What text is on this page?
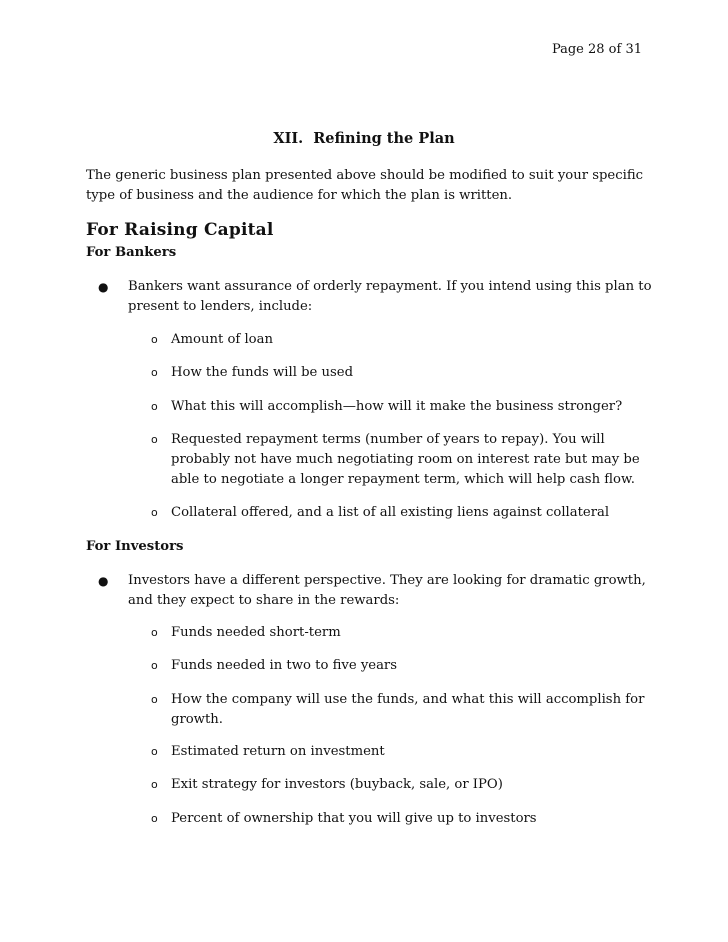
Page 28 of 31
XII. Refining the Plan
The generic business plan presented above should be modified to suit your specific type of business and the audience for which the plan is written.
For Raising Capital
For Bankers
● Bankers want assurance of orderly repayment. If you intend using this plan to present to lenders, include:
o Amount of loan
o How the funds will be used
o What this will accomplish—how will it make the business stronger?
o Requested repayment terms (number of years to repay). You will probably not have much negotiating room on interest rate but may be able to negotiate a longer repayment term, which will help cash flow.
o Collateral offered, and a list of all existing liens against collateral
For Investors
● Investors have a different perspective. They are looking for dramatic growth, and they expect to share in the rewards:
o Funds needed short-term
o Funds needed in two to five years
o How the company will use the funds, and what this will accomplish for growth.
o Estimated return on investment
o Exit strategy for investors (buyback, sale, or IPO)
o Percent of ownership that you will give up to investors
